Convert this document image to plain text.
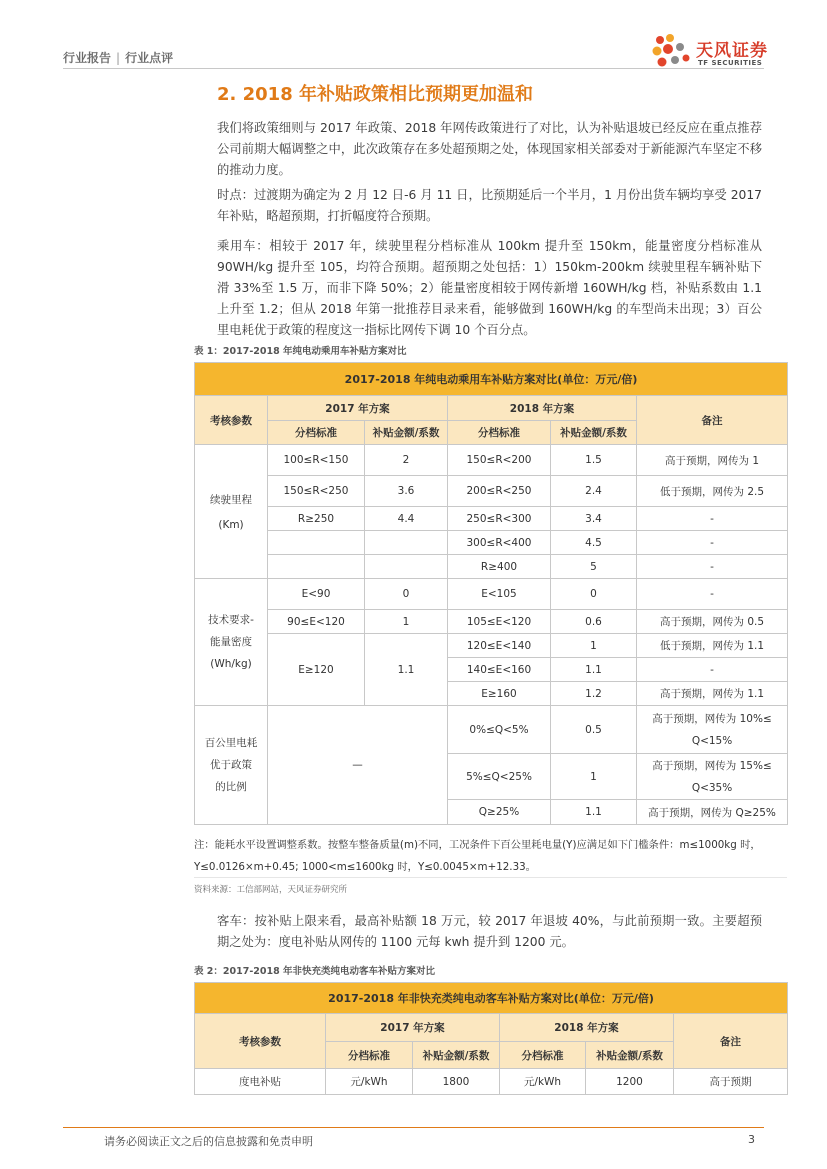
行业报告 | 行业点评	天风证券
TF SECURITIES
2. 2018 年补贴政策相比预期更加温和
我们将政策细则与 2017 年政策、2018 年网传政策进行了对比，认为补贴退坡已经反应在重点推荐公司前期大幅调整之中，此次政策存在多处超预期之处，体现国家相关部委对于新能源汽车坚定不移的推动力度。
时点：过渡期为确定为 2 月 12 日-6 月 11 日，比预期延后一个半月，1 月份出货车辆均享受 2017 年补贴，略超预期，打折幅度符合预期。
乘用车：相较于 2017 年，续驶里程分档标准从 100km 提升至 150km，能量密度分档标准从 90WH/kg 提升至 105，均符合预期。超预期之处包括：1）150km-200km 续驶里程车辆补贴下滑 33%至 1.5 万，而非下降 50%；2）能量密度相较于网传新增 160WH/kg 档，补贴系数由 1.1 上升至 1.2；但从 2018 年第一批推荐目录来看，能够做到 160WH/kg 的车型尚未出现；3）百公里电耗优于政策的程度这一指标比网传下调 10 个百分点。
表 1：2017-2018 年纯电动乘用车补贴方案对比
2017-2018 年纯电动乘用车补贴方案对比(单位：万元/倍)					
考核参数	2017 年方案		2018 年方案		备注
	分档标准	补贴金额/系数	分档标准	补贴金额/系数	
续驶里程

(Km)	100≤R<150	2	150≤R<200	1.5	高于预期，网传为 1
	150≤R<250	3.6	200≤R<250	2.4	低于预期，网传为 2.5
	R≥250	4.4	250≤R<300	3.4	-
			300≤R<400	4.5	-
			R≥400	5	-
技术要求-
能量密度
(Wh/kg)	E<90	0	E<105	0	-
	90≤E<120	1	105≤E<120	0.6	高于预期，网传为 0.5
	E≥120	1.1	120≤E<140	1	低于预期，网传为 1.1
			140≤E<160	1.1	-
			E≥160	1.2	高于预期，网传为 1.1
百公里电耗
优于政策
的比例	—		0%≤Q<5%	0.5	高于预期，网传为 10%≤
Q<15%
			5%≤Q<25%	1	高于预期，网传为 15%≤
Q<35%
			Q≥25%	1.1	高于预期，网传为 Q≥25%
注：能耗水平设置调整系数。按整车整备质量(m)不同，工况条件下百公里耗电量(Y)应满足如下门槛条件：m≤1000kg 时，
Y≤0.0126×m+0.45; 1000<m≤1600kg 时，Y≤0.0045×m+12.33。
资料来源：工信部网站，天风证券研究所
客车：按补贴上限来看，最高补贴额 18 万元，较 2017 年退坡 40%，与此前预期一致。主要超预期之处为：度电补贴从网传的 1100 元每 kwh 提升到 1200 元。
表 2：2017-2018 年非快充类纯电动客车补贴方案对比
2017-2018 年非快充类纯电动客车补贴方案对比(单位：万元/倍)					
考核参数	2017 年方案		2018 年方案		备注
	分档标准	补贴金额/系数	分档标准	补贴金额/系数	
度电补贴	元/kWh	1800	元/kWh	1200	高于预期
请务必阅读正文之后的信息披露和免责申明	3
